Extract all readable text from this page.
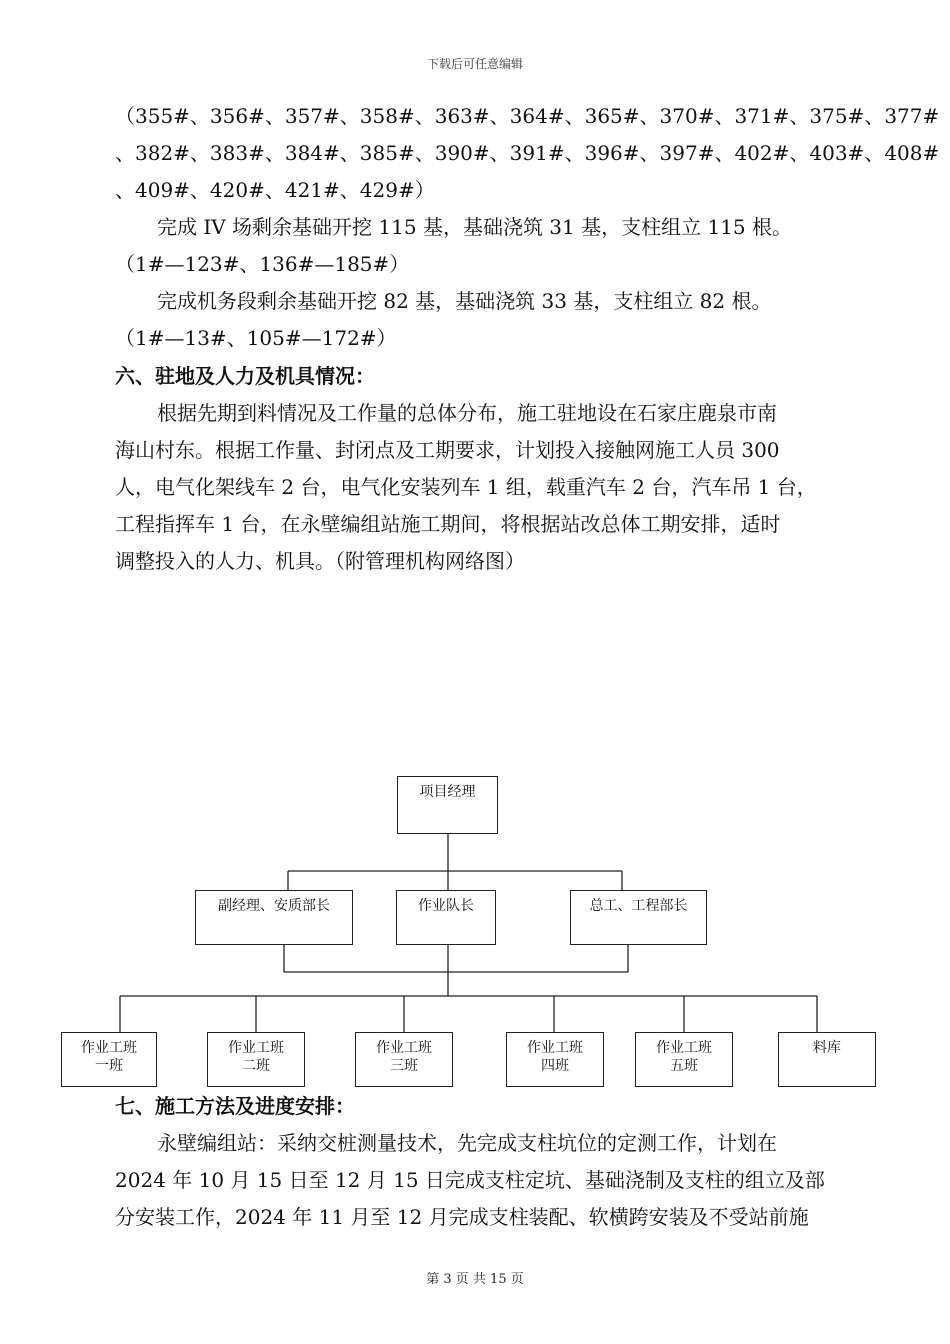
下载后可任意编辑
（355#、356#、357#、358#、363#、364#、365#、370#、371#、375#、377#
、382#、383#、384#、385#、390#、391#、396#、397#、402#、403#、408#
、409#、420#、421#、429#）
完成 IV 场剩余基础开挖 115 基，基础浇筑 31 基，支柱组立 115 根。
（1#—123#、136#—185#）
完成机务段剩余基础开挖 82 基，基础浇筑 33 基，支柱组立 82 根。
（1#—13#、105#—172#）
六、驻地及人力及机具情况：
根据先期到料情况及工作量的总体分布，施工驻地设在石家庄鹿泉市南
海山村东。根据工作量、封闭点及工期要求，计划投入接触网施工人员 300
人，电气化架线车 2 台，电气化安装列车 1 组，载重汽车 2 台，汽车吊 1 台，
工程指挥车 1 台，在永壁编组站施工期间，将根据站改总体工期安排，适时
调整投入的人力、机具。（附管理机构网络图）
项目经理
副经理、安质部长	作业队长	总工、工程部长
作业工班
一班
作业工班
二班
作业工班
三班
作业工班
四班
作业工班
五班
料库
七、施工方法及进度安排：
永壁编组站：采纳交桩测量技术，先完成支柱坑位的定测工作，计划在
2024 年 10 月 15 日至 12 月 15 日完成支柱定坑、基础浇制及支柱的组立及部
分安装工作，2024 年 11 月至 12 月完成支柱装配、软横跨安装及不受站前施
第 3 页 共 15 页
